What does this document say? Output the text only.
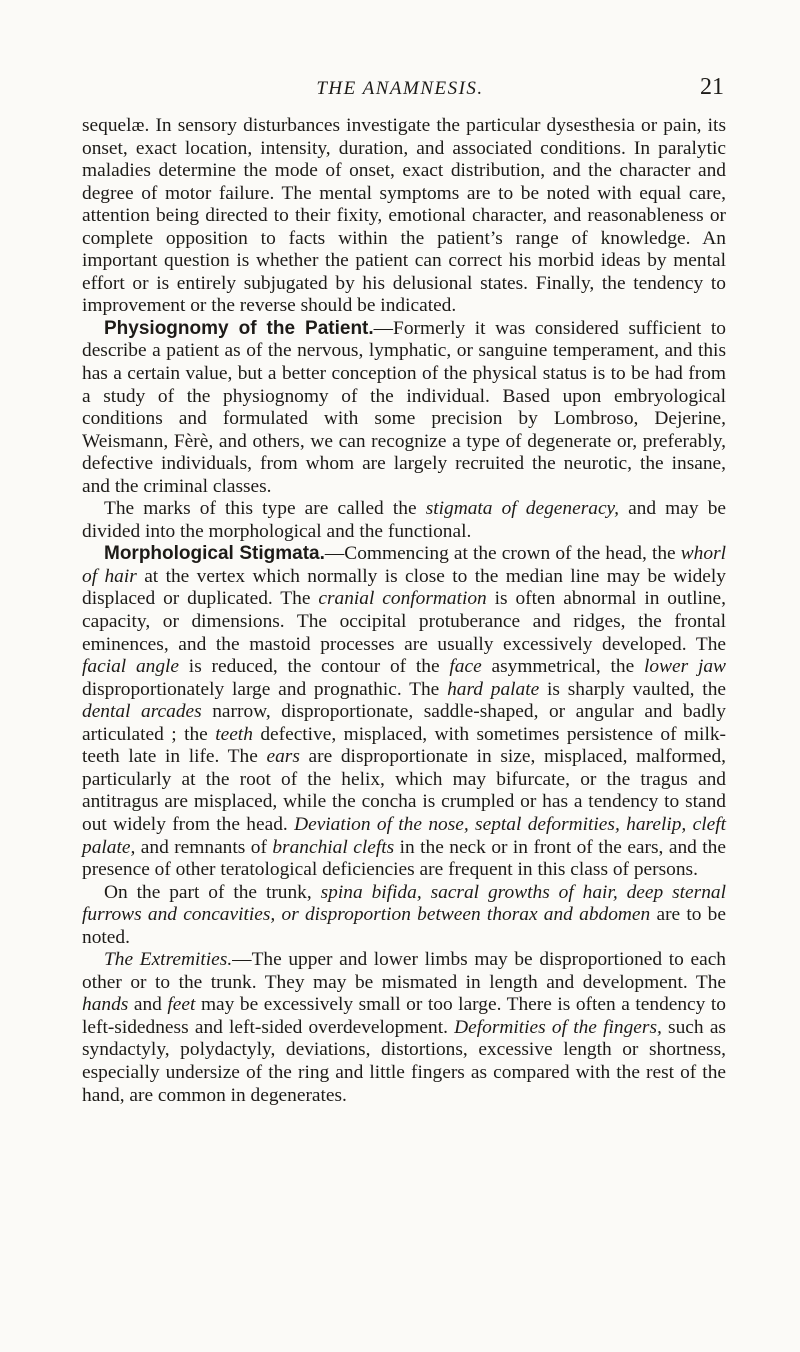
THE ANAMNESIS.	21

sequelæ. In sensory disturbances investigate the particular dysesthesia or pain, its onset, exact location, intensity, duration, and associated conditions. In paralytic maladies determine the mode of onset, exact distribution, and the character and degree of motor failure. The mental symptoms are to be noted with equal care, attention being directed to their fixity, emotional character, and reasonableness or complete opposition to facts within the patient’s range of knowledge. An important question is whether the patient can correct his morbid ideas by mental effort or is entirely subjugated by his delusional states. Finally, the tendency to improvement or the reverse should be indicated.

Physiognomy of the Patient.—Formerly it was considered sufficient to describe a patient as of the nervous, lymphatic, or sanguine temperament, and this has a certain value, but a better conception of the physical status is to be had from a study of the physiognomy of the individual. Based upon embryological conditions and formulated with some precision by Lombroso, Dejerine, Weismann, Fèrè, and others, we can recognize a type of degenerate or, preferably, defective individuals, from whom are largely recruited the neurotic, the insane, and the criminal classes.

The marks of this type are called the stigmata of degeneracy, and may be divided into the morphological and the functional.

Morphological Stigmata.—Commencing at the crown of the head, the whorl of hair at the vertex which normally is close to the median line may be widely displaced or duplicated. The cranial conformation is often abnormal in outline, capacity, or dimensions. The occipital protuberance and ridges, the frontal eminences, and the mastoid processes are usually excessively developed. The facial angle is reduced, the contour of the face asymmetrical, the lower jaw disproportionately large and prognathic. The hard palate is sharply vaulted, the dental arcades narrow, disproportionate, saddle-shaped, or angular and badly articulated ; the teeth defective, misplaced, with sometimes persistence of milk-teeth late in life. The ears are disproportionate in size, misplaced, malformed, particularly at the root of the helix, which may bifurcate, or the tragus and antitragus are misplaced, while the concha is crumpled or has a tendency to stand out widely from the head. Deviation of the nose, septal deformities, harelip, cleft palate, and remnants of branchial clefts in the neck or in front of the ears, and the presence of other teratological deficiencies are frequent in this class of persons.

On the part of the trunk, spina bifida, sacral growths of hair, deep sternal furrows and concavities, or disproportion between thorax and abdomen are to be noted.

The Extremities.—The upper and lower limbs may be disproportioned to each other or to the trunk. They may be mismated in length and development. The hands and feet may be excessively small or too large. There is often a tendency to left-sidedness and left-sided overdevelopment. Deformities of the fingers, such as syndactyly, polydactyly, deviations, distortions, excessive length or shortness, especially undersize of the ring and little fingers as compared with the rest of the hand, are common in degenerates.
